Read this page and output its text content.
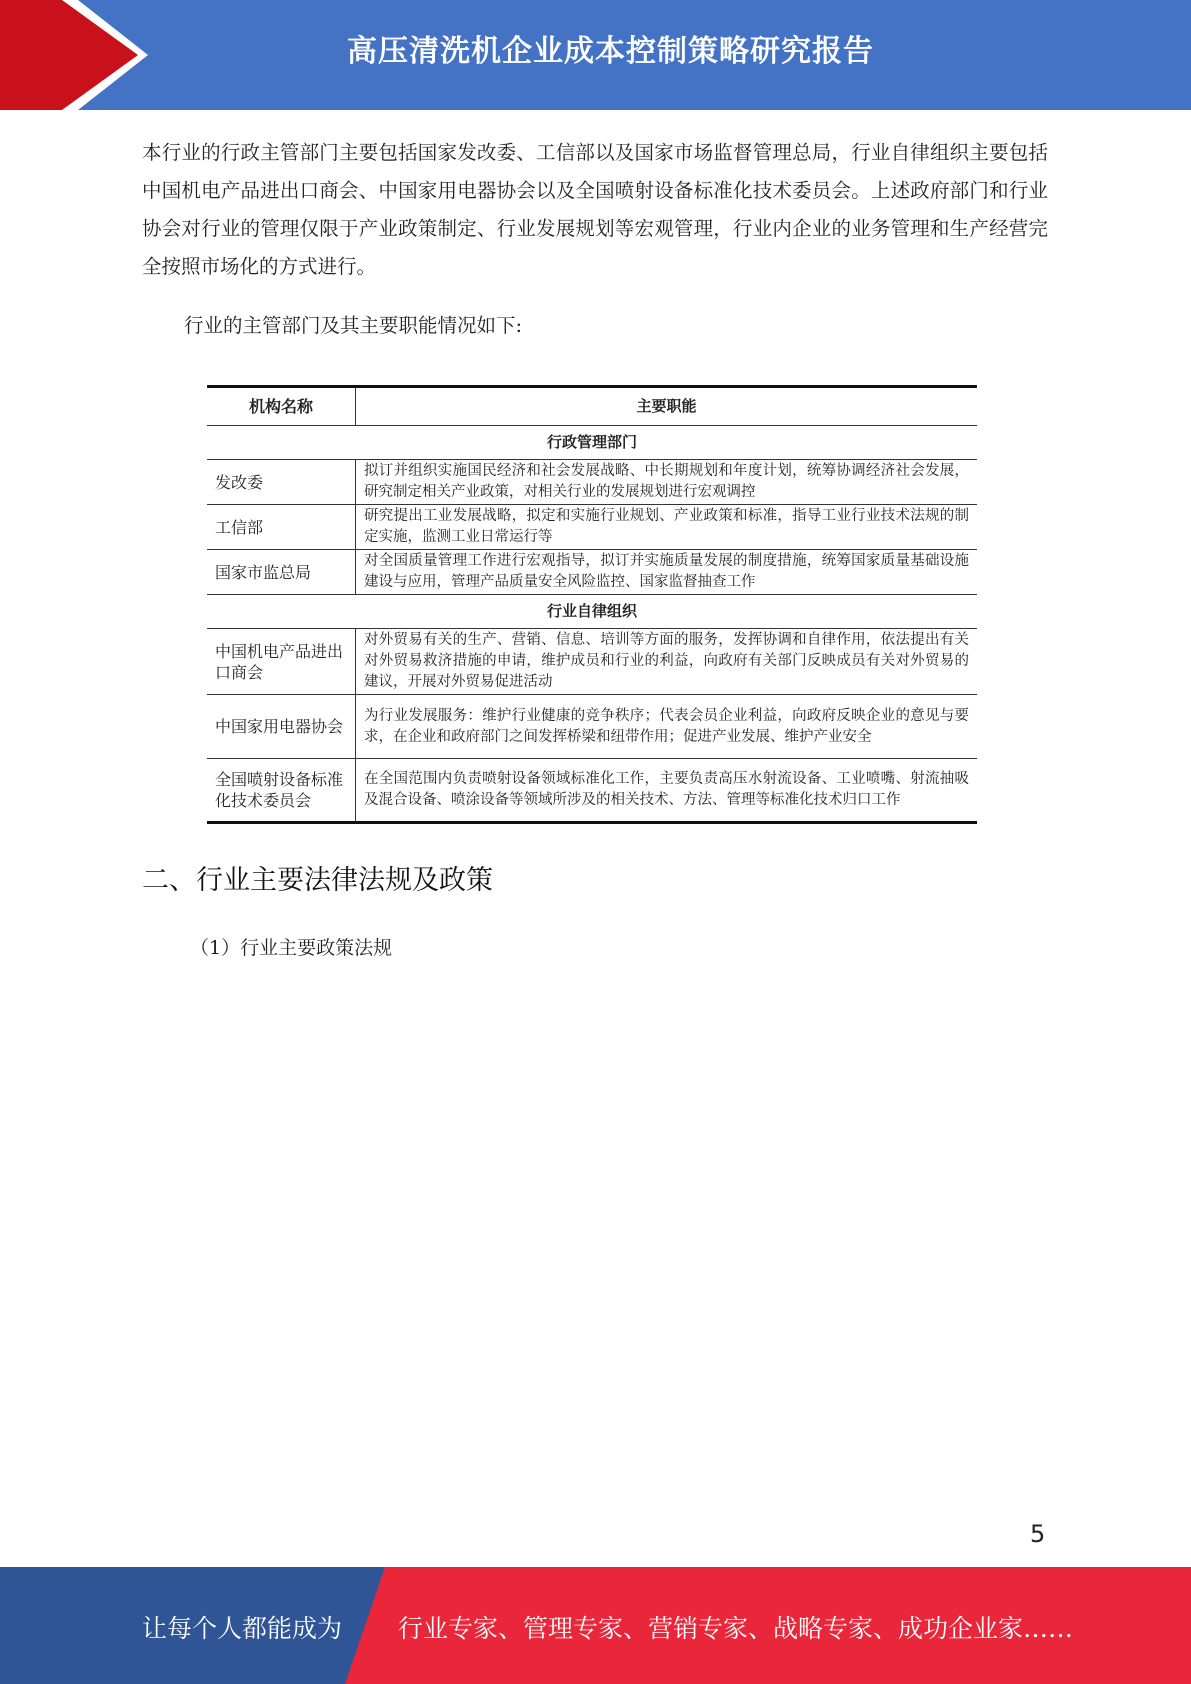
高压清洗机企业成本控制策略研究报告
本行业的行政主管部门主要包括国家发改委、工信部以及国家市场监督管理总局，行业自律组织主要包括中国机电产品进出口商会、中国家用电器协会以及全国喷射设备标准化技术委员会。上述政府部门和行业协会对行业的管理仅限于产业政策制定、行业发展规划等宏观管理，行业内企业的业务管理和生产经营完全按照市场化的方式进行。
行业的主管部门及其主要职能情况如下:
机构名称	主要职能
行政管理部门	
发改委	拟订并组织实施国民经济和社会发展战略、中长期规划和年度计划，统筹协调经济社会发展，研究制定相关产业政策，对相关行业的发展规划进行宏观调控
工信部	研究提出工业发展战略，拟定和实施行业规划、产业政策和标准，指导工业行业技术法规的制定实施，监测工业日常运行等
国家市监总局	对全国质量管理工作进行宏观指导，拟订并实施质量发展的制度措施，统筹国家质量基础设施建设与应用，管理产品质量安全风险监控、国家监督抽查工作
行业自律组织	
中国机电产品进出口商会	对外贸易有关的生产、营销、信息、培训等方面的服务，发挥协调和自律作用，依法提出有关对外贸易救济措施的申请，维护成员和行业的利益，向政府有关部门反映成员有关对外贸易的建议，开展对外贸易促进活动
中国家用电器协会	为行业发展服务：维护行业健康的竞争秩序；代表会员企业利益，向政府反映企业的意见与要求，在企业和政府部门之间发挥桥梁和纽带作用；促进产业发展、维护产业安全
全国喷射设备标准化技术委员会	在全国范围内负责喷射设备领域标准化工作，主要负责高压水射流设备、工业喷嘴、射流抽吸及混合设备、喷涂设备等领域所涉及的相关技术、方法、管理等标准化技术归口工作
二、行业主要法律法规及政策
（1）行业主要政策法规
5
让每个人都能成为 行业专家、管理专家、营销专家、战略专家、成功企业家……
